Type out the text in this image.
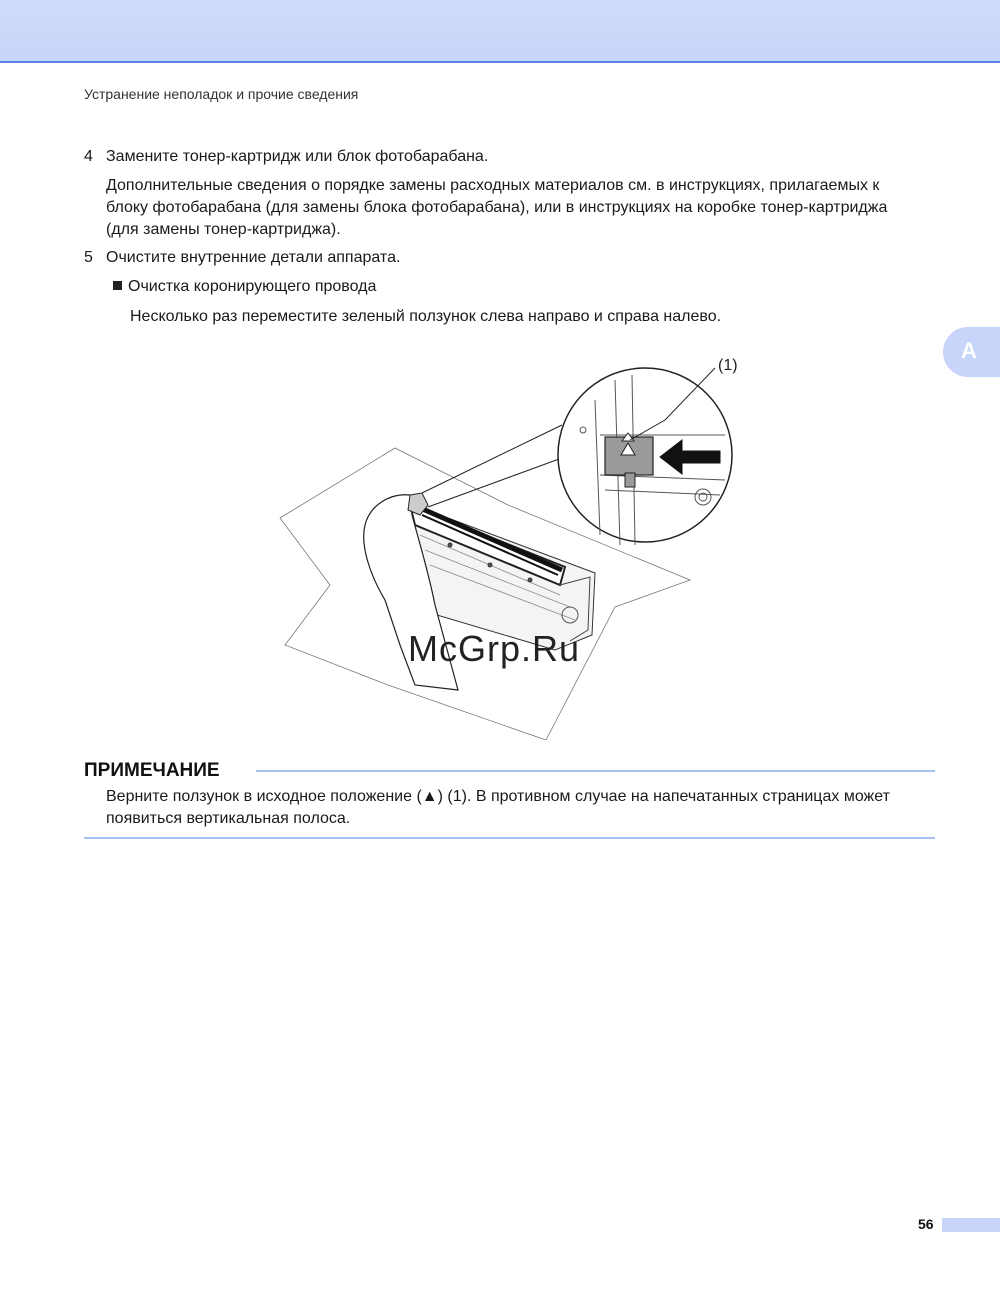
Устранение неполадок и прочие сведения
4 Замените тонер-картридж или блок фотобарабана.
Дополнительные сведения о порядке замены расходных материалов см. в инструкциях, прилагаемых к блоку фотобарабана (для замены блока фотобарабана), или в инструкциях на коробке тонер-картриджа (для замены тонер-картриджа).
5 Очистите внутренние детали аппарата.
Очистка коронирующего провода
Несколько раз переместите зеленый ползунок слева направо и справа налево.
A
(1)
McGrp.Ru
ПРИМЕЧАНИЕ
Верните ползунок в исходное положение (▲) (1). В противном случае на напечатанных страницах может появиться вертикальная полоса.
56
